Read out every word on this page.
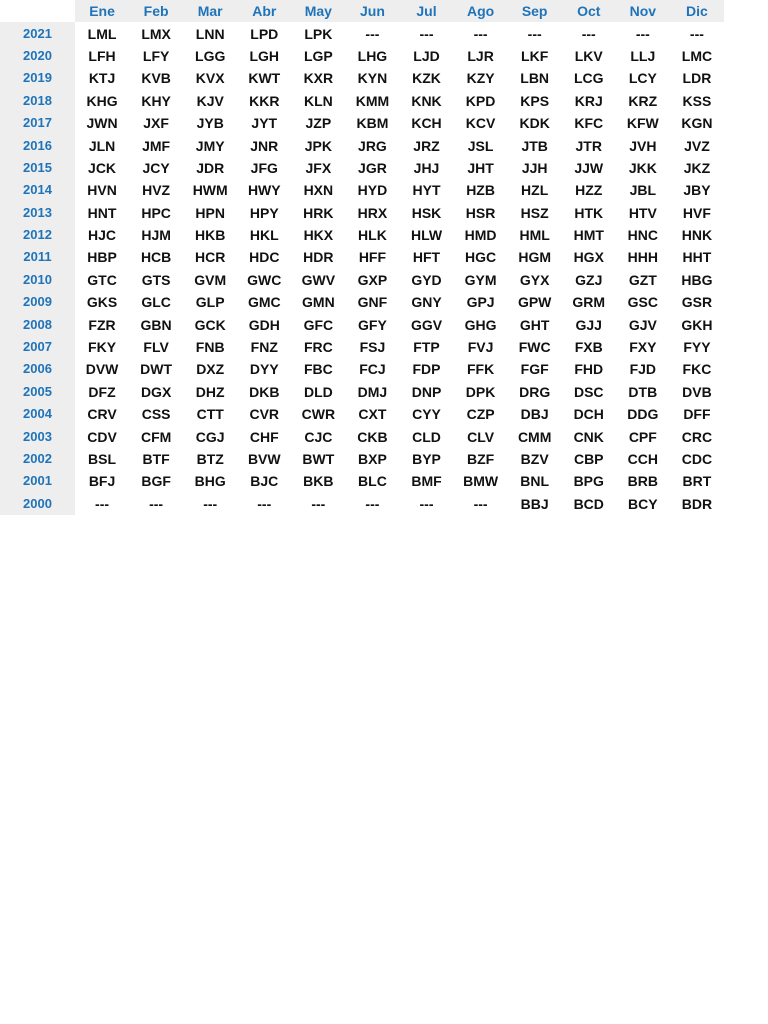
	Ene	Feb	Mar	Abr	May	Jun	Jul	Ago	Sep	Oct	Nov	Dic
2021	LML	LMX	LNN	LPD	LPK	---	---	---	---	---	---	---
2020	LFH	LFY	LGG	LGH	LGP	LHG	LJD	LJR	LKF	LKV	LLJ	LMC
2019	KTJ	KVB	KVX	KWT	KXR	KYN	KZK	KZY	LBN	LCG	LCY	LDR
2018	KHG	KHY	KJV	KKR	KLN	KMM	KNK	KPD	KPS	KRJ	KRZ	KSS
2017	JWN	JXF	JYB	JYT	JZP	KBM	KCH	KCV	KDK	KFC	KFW	KGN
2016	JLN	JMF	JMY	JNR	JPK	JRG	JRZ	JSL	JTB	JTR	JVH	JVZ
2015	JCK	JCY	JDR	JFG	JFX	JGR	JHJ	JHT	JJH	JJW	JKK	JKZ
2014	HVN	HVZ	HWM	HWY	HXN	HYD	HYT	HZB	HZL	HZZ	JBL	JBY
2013	HNT	HPC	HPN	HPY	HRK	HRX	HSK	HSR	HSZ	HTK	HTV	HVF
2012	HJC	HJM	HKB	HKL	HKX	HLK	HLW	HMD	HML	HMT	HNC	HNK
2011	HBP	HCB	HCR	HDC	HDR	HFF	HFT	HGC	HGM	HGX	HHH	HHT
2010	GTC	GTS	GVM	GWC	GWV	GXP	GYD	GYM	GYX	GZJ	GZT	HBG
2009	GKS	GLC	GLP	GMC	GMN	GNF	GNY	GPJ	GPW	GRM	GSC	GSR
2008	FZR	GBN	GCK	GDH	GFC	GFY	GGV	GHG	GHT	GJJ	GJV	GKH
2007	FKY	FLV	FNB	FNZ	FRC	FSJ	FTP	FVJ	FWC	FXB	FXY	FYY
2006	DVW	DWT	DXZ	DYY	FBC	FCJ	FDP	FFK	FGF	FHD	FJD	FKC
2005	DFZ	DGX	DHZ	DKB	DLD	DMJ	DNP	DPK	DRG	DSC	DTB	DVB
2004	CRV	CSS	CTT	CVR	CWR	CXT	CYY	CZP	DBJ	DCH	DDG	DFF
2003	CDV	CFM	CGJ	CHF	CJC	CKB	CLD	CLV	CMM	CNK	CPF	CRC
2002	BSL	BTF	BTZ	BVW	BWT	BXP	BYP	BZF	BZV	CBP	CCH	CDC
2001	BFJ	BGF	BHG	BJC	BKB	BLC	BMF	BMW	BNL	BPG	BRB	BRT
2000	---	---	---	---	---	---	---	---	BBJ	BCD	BCY	BDR
